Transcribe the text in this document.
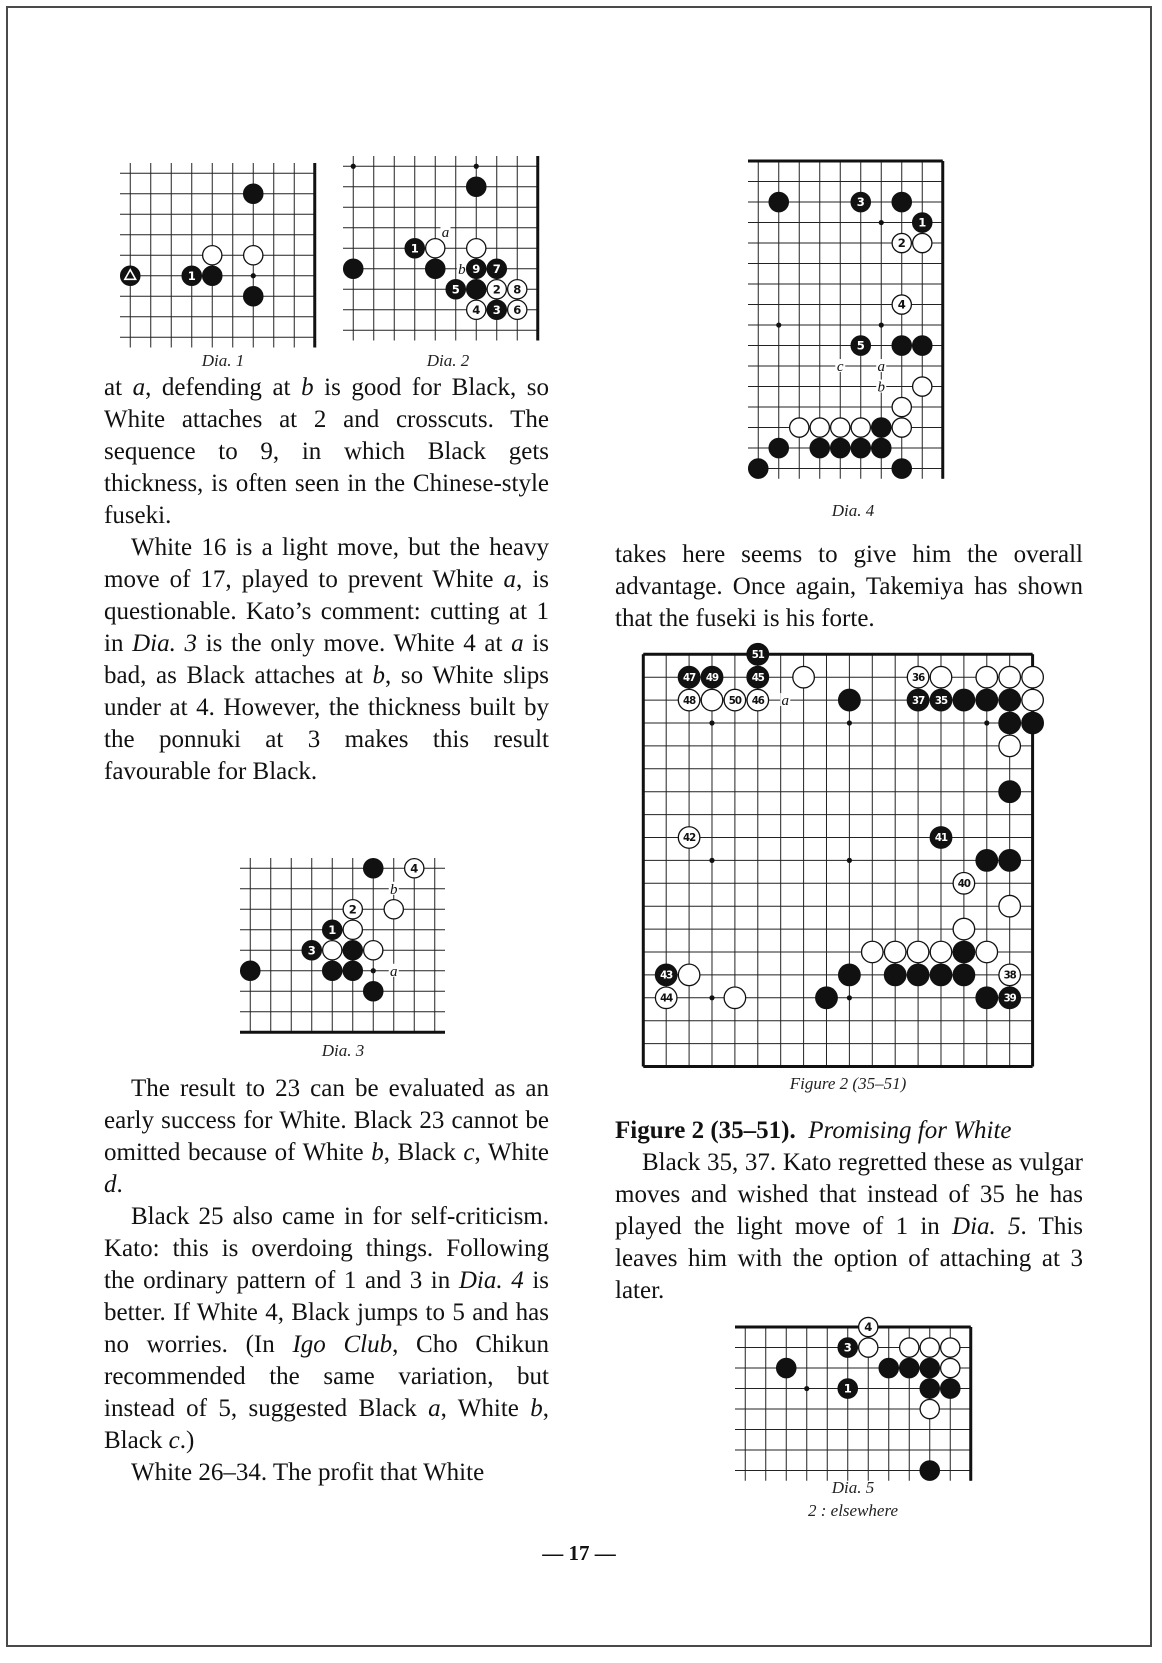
1
Dia. 1
a
b
1
9 7
5	2 8
4 3 6
Dia. 2

at a, defending at b is good for Black, so White attaches at 2 and crosscuts. The sequence to 9, in which Black gets thickness, is often seen in the Chinese-style fuseki.

White 16 is a light move, but the heavy move of 17, played to prevent White a, is questionable. Kato’s comment: cutting at 1 in Dia. 3 is the only move. White 4 at a is bad, as Black attaches at b, so White slips under at 4. However, the thickness built by the ponnuki at 3 makes this result favourable for Black.

b
a
4
2
1
3
Dia. 3

The result to 23 can be evaluated as an early success for White. Black 23 cannot be omitted because of White b, Black c, White d.

Black 25 also came in for self-criticism. Kato: this is overdoing things. Following the ordinary pattern of 1 and 3 in Dia. 4 is better. If White 4, Black jumps to 5 and has no worries. (In Igo Club, Cho Chikun recommended the same variation, but instead of 5, suggested Black a, White b, Black c.)

White 26–34. The profit that White

c a
b
3
1
2
4
5
Dia. 4

takes here seems to give him the overall advantage. Once again, Takemiya has shown that the fuseki is his forte.

a
51
47 49	45	36
48	50 46	37 35
42	41
40
43	38
44	39
Figure 2 (35–51)

Figure 2 (35–51). Promising for White

Black 35, 37. Kato regretted these as vulgar moves and wished that instead of 35 he has played the light move of 1 in Dia. 5. This leaves him with the option of attaching at 3 later.

4
3
1
Dia. 5
2 : elsewhere
— 17 —
